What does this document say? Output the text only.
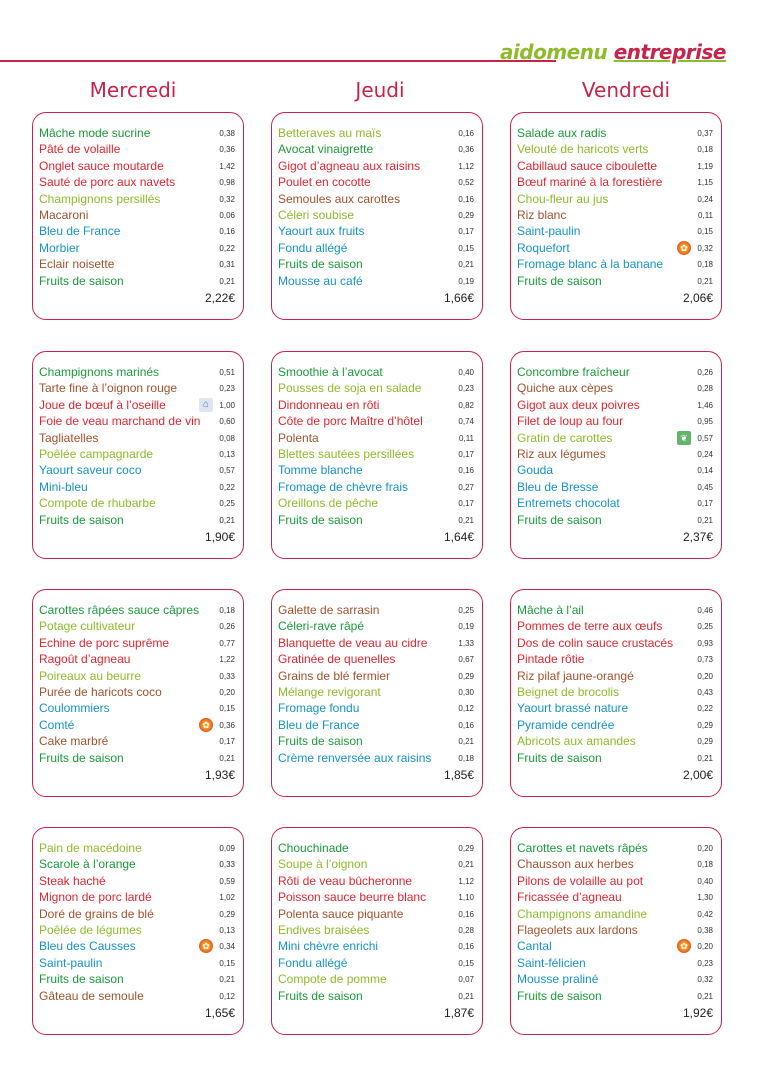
aidomenu entreprise
Mercredi	Jeudi	Vendredi
Mâche mode sucrine	0,38
Pâté de volaille	0,36
Onglet sauce moutarde	1,42
Sauté de porc aux navets	0,98
Champignons persillés	0,32
Macaroni	0,06
Bleu de France	0,16
Morbier	0,22
Eclair noisette	0,31
Fruits de saison	0,21
2,22€
Betteraves au maïs	0,16
Avocat vinaigrette	0,36
Gigot d’agneau aux raisins	1,12
Poulet en cocotte	0,52
Semoules aux carottes	0,16
Céleri soubise	0,29
Yaourt aux fruits	0,17
Fondu allégé	0,15
Fruits de saison	0,21
Mousse au café	0,19
1,66€
Salade aux radis	0,37
Velouté de haricots verts	0,18
Cabillaud sauce ciboulette	1,19
Bœuf mariné à la forestière	1,15
Chou-fleur au jus	0,24
Riz blanc	0,11
Saint-paulin	0,15
Roquefort	✿	0,32
Fromage blanc à la banane	0,18
Fruits de saison	0,21
2,06€
Champignons marinés	0,51
Tarte fine à l’oignon rouge	0,23
Joue de bœuf à l’oseille	⌂	1,00
Foie de veau marchand de vin 0,60
Tagliatelles	0,08
Poêlée campagnarde	0,13
Yaourt saveur coco	0,57
Mini-bleu	0,22
Compote de rhubarbe	0,25
Fruits de saison	0,21
1,90€
Smoothie à l’avocat	0,40
Pousses de soja en salade	0,23
Dindonneau en rôti	0,82
Côte de porc Maître d’hôtel	0,74
Polenta	0,11
Blettes sautées persillées	0,17
Tomme blanche	0,16
Fromage de chèvre frais	0,27
Oreillons de pêche	0,17
Fruits de saison	0,21
1,64€
Concombre fraîcheur	0,26
Quiche aux cèpes	0,28
Gigot aux deux poivres	1,46
Filet de loup au four	0,95
Gratin de carottes	❦	0,57
Riz aux légumes	0,24
Gouda	0,14
Bleu de Bresse	0,45
Entremets chocolat	0,17
Fruits de saison	0,21
2,37€
Carottes râpées sauce câpres	0,18
Potage cultivateur	0,26
Echine de porc suprême	0,77
Ragoût d’agneau	1,22
Poireaux au beurre	0,33
Purée de haricots coco	0,20
Coulommiers	0,15
Comté	✿	0,36
Cake marbré	0,17
Fruits de saison	0,21
1,93€
Galette de sarrasin	0,25
Céleri-rave râpé	0,19
Blanquette de veau au cidre	1,33
Gratinée de quenelles	0,67
Grains de blé fermier	0,29
Mélange revigorant	0,30
Fromage fondu	0,12
Bleu de France	0,16
Fruits de saison	0,21
Crème renversée aux raisins	0,18
1,85€
Mâche à l’ail	0,46
Pommes de terre aux œufs	0,25
Dos de colin sauce crustacés	0,93
Pintade rôtie	0,73
Riz pilaf jaune-orangé	0,20
Beignet de brocolis	0,43
Yaourt brassé nature	0,22
Pyramide cendrée	0,29
Abricots aux amandes	0,29
Fruits de saison	0,21
2,00€
Pain de macédoine	0,09
Scarole à l’orange	0,33
Steak haché	0,59
Mignon de porc lardé	1,02
Doré de grains de blé	0,29
Poêlée de légumes	0,13
Bleu des Causses	✿	0,34
Saint-paulin	0,15
Fruits de saison	0,21
Gâteau de semoule	0,12
1,65€
Chouchinade	0,29
Soupe à l’oignon	0,21
Rôti de veau bûcheronne	1,12
Poisson sauce beurre blanc	1,10
Polenta sauce piquante	0,16
Endives braisées	0,28
Mini chèvre enrichi	0,16
Fondu allégé	0,15
Compote de pomme	0,07
Fruits de saison	0,21
1,87€
Carottes et navets râpés	0,20
Chausson aux herbes	0,18
Pilons de volaille au pot	0,40
Fricassée d’agneau	1,30
Champignons amandine	0,42
Flageolets aux lardons	0,38
Cantal	✿	0,20
Saint-félicien	0,23
Mousse praliné	0,32
Fruits de saison	0,21
1,92€
